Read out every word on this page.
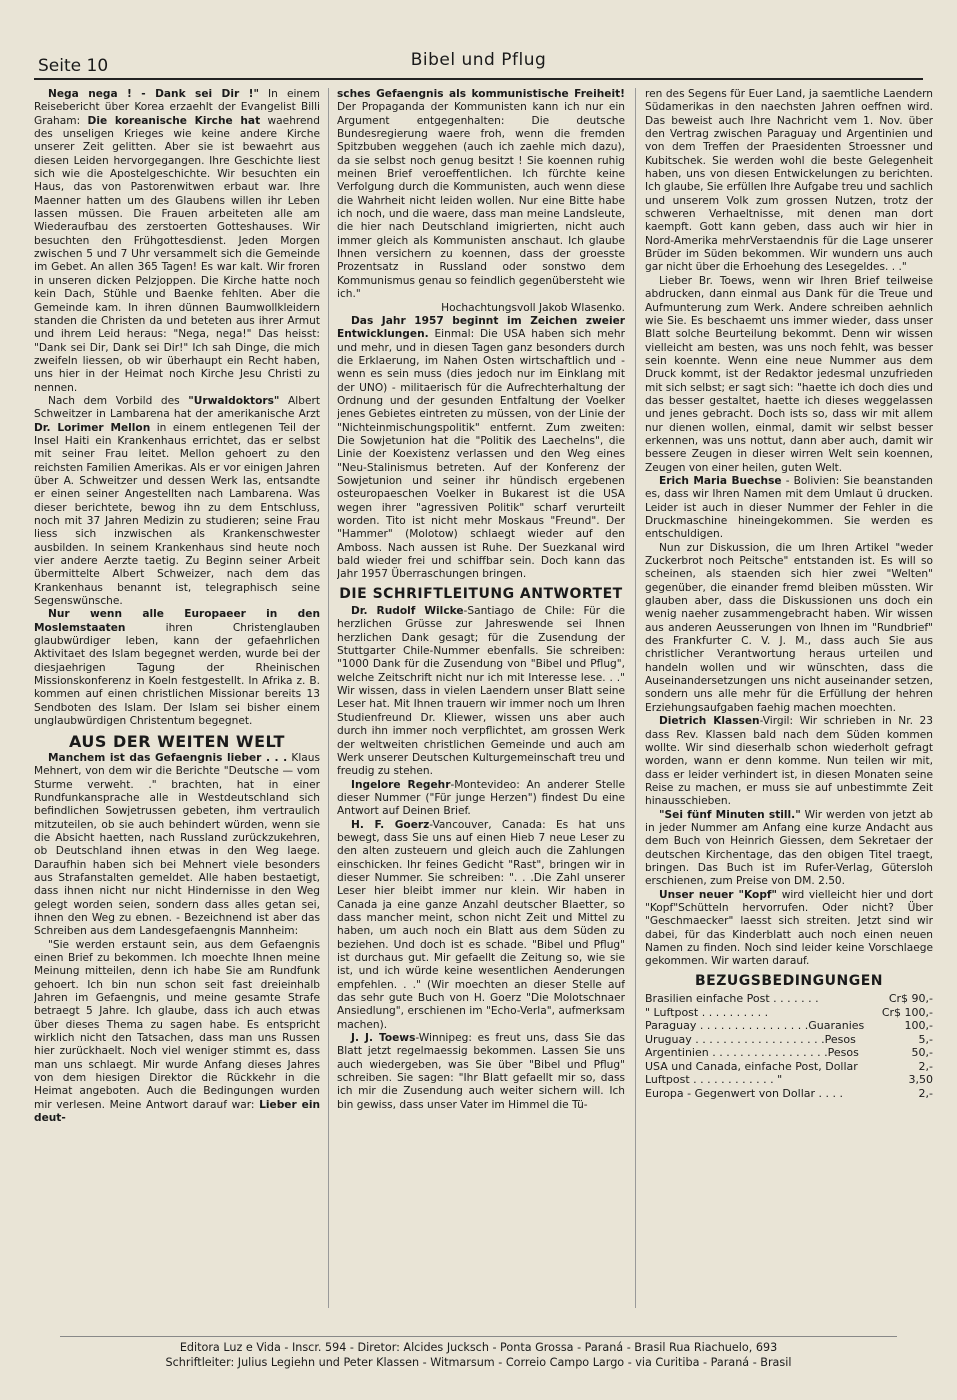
Seite 10	Bibel und Pflug

Nega nega ! - Dank sei Dir !" In einem Reisebericht über Korea erzaehlt der Evangelist Billi Graham: Die koreanische Kirche hat waehrend des unseligen Krieges wie keine andere Kirche unserer Zeit gelitten. Aber sie ist bewaehrt aus diesen Leiden hervorgegangen. Ihre Geschichte liest sich wie die Apostelgeschichte. Wir besuchten ein Haus, das von Pastorenwitwen erbaut war. Ihre Maenner hatten um des Glaubens willen ihr Leben lassen müssen. Die Frauen arbeiteten alle am Wiederaufbau des zerstoerten Gotteshauses. Wir besuchten den Frühgottesdienst. Jeden Morgen zwischen 5 und 7 Uhr versammelt sich die Gemeinde im Gebet. An allen 365 Tagen! Es war kalt. Wir froren in unseren dicken Pelzjoppen. Die Kirche hatte noch kein Dach, Stühle und Baenke fehlten. Aber die Gemeinde kam. In ihren dünnen Baumwollkleidern standen die Christen da und beteten aus ihrer Armut und ihrem Leid heraus: "Nega, nega!" Das heisst: "Dank sei Dir, Dank sei Dir!" Ich sah Dinge, die mich zweifeln liessen, ob wir überhaupt ein Recht haben, uns hier in der Heimat noch Kirche Jesu Christi zu nennen.

Nach dem Vorbild des "Urwaldoktors" Albert Schweitzer in Lambarena hat der amerikanische Arzt Dr. Lorimer Mellon in einem entlegenen Teil der Insel Haiti ein Krankenhaus errichtet, das er selbst mit seiner Frau leitet. Mellon gehoert zu den reichsten Familien Amerikas. Als er vor einigen Jahren über A. Schweitzer und dessen Werk las, entsandte er einen seiner Angestellten nach Lambarena. Was dieser berichtete, bewog ihn zu dem Entschluss, noch mit 37 Jahren Medizin zu studieren; seine Frau liess sich inzwischen als Krankenschwester ausbilden. In seinem Krankenhaus sind heute noch vier andere Aerzte taetig. Zu Beginn seiner Arbeit übermittelte Albert Schweizer, nach dem das Krankenhaus benannt ist, telegraphisch seine Segenswünsche.

Nur wenn alle Europaeer in den Moslemstaaten ihren Christenglauben glaubwürdiger leben, kann der gefaehrlichen Aktivitaet des Islam begegnet werden, wurde bei der diesjaehrigen Tagung der Rheinischen Missionskonferenz in Koeln festgestellt. In Afrika z. B. kommen auf einen christlichen Missionar bereits 13 Sendboten des Islam. Der Islam sei bisher einem unglaubwürdigen Christentum begegnet.

AUS DER WEITEN WELT

Manchem ist das Gefaengnis lieber . . . Klaus Mehnert, von dem wir die Berichte "Deutsche — vom Sturme verweht. ." brachten, hat in einer Rundfunkansprache alle in Westdeutschland sich befindlichen Sowjetrussen gebeten, ihm vertraulich mitzuteilen, ob sie auch behindert würden, wenn sie die Absicht haetten, nach Russland zurückzukehren, ob Deutschland ihnen etwas in den Weg laege. Daraufhin haben sich bei Mehnert viele besonders aus Strafanstalten gemeldet. Alle haben bestaetigt, dass ihnen nicht nur nicht Hindernisse in den Weg gelegt worden seien, sondern dass alles getan sei, ihnen den Weg zu ebnen. - Bezeichnend ist aber das Schreiben aus dem Landesgefaengnis Mannheim:

"Sie werden erstaunt sein, aus dem Gefaengnis einen Brief zu bekommen. Ich moechte Ihnen meine Meinung mitteilen, denn ich habe Sie am Rundfunk gehoert. Ich bin nun schon seit fast dreieinhalb Jahren im Gefaengnis, und meine gesamte Strafe betraegt 5 Jahre. Ich glaube, dass ich auch etwas über dieses Thema zu sagen habe. Es entspricht wirklich nicht den Tatsachen, dass man uns Russen hier zurückhaelt. Noch viel weniger stimmt es, dass man uns schlaegt. Mir wurde Anfang dieses Jahres von dem hiesigen Direktor die Rückkehr in die Heimat angeboten. Auch die Bedingungen wurden mir verlesen. Meine Antwort darauf war: Lieber ein deut-

sches Gefaengnis als kommunistische Freiheit! Der Propaganda der Kommunisten kann ich nur ein Argument entgegenhalten: Die deutsche Bundesregierung waere froh, wenn die fremden Spitzbuben weggehen (auch ich zaehle mich dazu), da sie selbst noch genug besitzt ! Sie koennen ruhig meinen Brief veroeffentlichen. Ich fürchte keine Verfolgung durch die Kommunisten, auch wenn diese die Wahrheit nicht leiden wollen. Nur eine Bitte habe ich noch, und die waere, dass man meine Landsleute, die hier nach Deutschland imigrierten, nicht auch immer gleich als Kommunisten anschaut. Ich glaube Ihnen versichern zu koennen, dass der groesste Prozentsatz in Russland oder sonstwo dem Kommunismus genau so feindlich gegenübersteht wie ich."

Hochachtungsvoll Jakob Wlasenko.

Das Jahr 1957 beginnt im Zeichen zweier Entwicklungen. Einmal: Die USA haben sich mehr und mehr, und in diesen Tagen ganz besonders durch die Erklaerung, im Nahen Osten wirtschaftlich und - wenn es sein muss (dies jedoch nur im Einklang mit der UNO) - militaerisch für die Aufrechterhaltung der Ordnung und der gesunden Entfaltung der Voelker jenes Gebietes eintreten zu müssen, von der Linie der "Nichteinmischungspolitik" entfernt. Zum zweiten: Die Sowjetunion hat die "Politik des Laechelns", die Linie der Koexistenz verlassen und den Weg eines "Neu-Stalinismus betreten. Auf der Konferenz der Sowjetunion und seiner ihr hündisch ergebenen osteuropaeschen Voelker in Bukarest ist die USA wegen ihrer "agressiven Politik" scharf verurteilt worden. Tito ist nicht mehr Moskaus "Freund". Der "Hammer" (Molotow) schlaegt wieder auf den Amboss. Nach aussen ist Ruhe. Der Suezkanal wird bald wieder frei und schiffbar sein. Doch kann das Jahr 1957 Überraschungen bringen.

DIE SCHRIFTLEITUNG ANTWORTET

Dr. Rudolf Wilcke-Santiago de Chile: Für die herzlichen Grüsse zur Jahreswende sei Ihnen herzlichen Dank gesagt; für die Zusendung der Stuttgarter Chile-Nummer ebenfalls. Sie schreiben: "1000 Dank für die Zusendung von "Bibel und Pflug", welche Zeitschrift nicht nur ich mit Interesse lese. . ." Wir wissen, dass in vielen Laendern unser Blatt seine Leser hat. Mit Ihnen trauern wir immer noch um Ihren Studienfreund Dr. Kliewer, wissen uns aber auch durch ihn immer noch verpflichtet, am grossen Werk der weltweiten christlichen Gemeinde und auch am Werk unserer Deutschen Kulturgemeinschaft treu und freudig zu stehen.

Ingelore Regehr-Montevideo: An anderer Stelle dieser Nummer ("Für junge Herzen") findest Du eine Antwort auf Deinen Brief.

H. F. Goerz-Vancouver, Canada: Es hat uns bewegt, dass Sie uns auf einen Hieb 7 neue Leser zu den alten zusteuern und gleich auch die Zahlungen einschicken. Ihr feines Gedicht "Rast", bringen wir in dieser Nummer. Sie schreiben: ". . .Die Zahl unserer Leser hier bleibt immer nur klein. Wir haben in Canada ja eine ganze Anzahl deutscher Blaetter, so dass mancher meint, schon nicht Zeit und Mittel zu haben, um auch noch ein Blatt aus dem Süden zu beziehen. Und doch ist es schade. "Bibel und Pflug" ist durchaus gut. Mir gefaellt die Zeitung so, wie sie ist, und ich würde keine wesentlichen Aenderungen empfehlen. . ." (Wir moechten an dieser Stelle auf das sehr gute Buch von H. Goerz "Die Molotschnaer Ansiedlung", erschienen im "Echo-Verla", aufmerksam machen).

J. J. Toews-Winnipeg: es freut uns, dass Sie das Blatt jetzt regelmaessig bekommen. Lassen Sie uns auch wiedergeben, was Sie über "Bibel und Pflug" schreiben. Sie sagen: "Ihr Blatt gefaellt mir so, dass ich mir die Zusendung auch weiter sichern will. Ich bin gewiss, dass unser Vater im Himmel die Tü-

ren des Segens für Euer Land, ja saemtliche Laendern Südamerikas in den naechsten Jahren oeffnen wird. Das beweist auch Ihre Nachricht vem 1. Nov. über den Vertrag zwischen Paraguay und Argentinien und von dem Treffen der Praesidenten Stroessner und Kubitschek. Sie werden wohl die beste Gelegenheit haben, uns von diesen Entwickelungen zu berichten. Ich glaube, Sie erfüllen Ihre Aufgabe treu und sachlich und unserem Volk zum grossen Nutzen, trotz der schweren Verhaeltnisse, mit denen man dort kaempft. Gott kann geben, dass auch wir hier in Nord-Amerika mehrVerstaendnis für die Lage unserer Brüder im Süden bekommen. Wir wundern uns auch gar nicht über die Erhoehung des Lesegeldes. . ."

Lieber Br. Toews, wenn wir Ihren Brief teilweise abdrucken, dann einmal aus Dank für die Treue und Aufmunterung zum Werk. Andere schreiben aehnlich wie Sie. Es beschaemt uns immer wieder, dass unser Blatt solche Beurteilung bekommt. Denn wir wissen vielleicht am besten, was uns noch fehlt, was besser sein koennte. Wenn eine neue Nummer aus dem Druck kommt, ist der Redaktor jedesmal unzufrieden mit sich selbst; er sagt sich: "haette ich doch dies und das besser gestaltet, haette ich dieses weggelassen und jenes gebracht. Doch ists so, dass wir mit allem nur dienen wollen, einmal, damit wir selbst besser erkennen, was uns nottut, dann aber auch, damit wir bessere Zeugen in dieser wirren Welt sein koennen, Zeugen von einer heilen, guten Welt.

Erich Maria Buechse - Bolivien: Sie beanstanden es, dass wir Ihren Namen mit dem Umlaut ü drucken. Leider ist auch in dieser Nummer der Fehler in die Druckmaschine hineingekommen. Sie werden es entschuldigen.

Nun zur Diskussion, die um Ihren Artikel "weder Zuckerbrot noch Peitsche" entstanden ist. Es will so scheinen, als staenden sich hier zwei "Welten" gegenüber, die einander fremd bleiben müssten. Wir glauben aber, dass die Diskussionen uns doch ein wenig naeher zusammengebracht haben. Wir wissen aus anderen Aeusserungen von Ihnen im "Rundbrief" des Frankfurter C. V. J. M., dass auch Sie aus christlicher Verantwortung heraus urteilen und handeln wollen und wir wünschten, dass die Auseinandersetzungen uns nicht auseinander setzen, sondern uns alle mehr für die Erfüllung der hehren Erziehungsaufgaben faehig machen moechten.

Dietrich Klassen-Virgil: Wir schrieben in Nr. 23 dass Rev. Klassen bald nach dem Süden kommen wollte. Wir sind dieserhalb schon wiederholt gefragt worden, wann er denn komme. Nun teilen wir mit, dass er leider verhindert ist, in diesen Monaten seine Reise zu machen, er muss sie auf unbestimmte Zeit hinausschieben.

"Sei fünf Minuten still." Wir werden von jetzt ab in jeder Nummer am Anfang eine kurze Andacht aus dem Buch von Heinrich Giessen, dem Sekretaer der deutschen Kirchentage, das den obigen Titel traegt, bringen. Das Buch ist im Rufer-Verlag, Gütersloh erschienen, zum Preise von DM. 2.50.

Unser neuer "Kopf" wird vielleicht hier und dort "Kopf"Schütteln hervorrufen. Oder nicht? Über "Geschmaecker" laesst sich streiten. Jetzt sind wir dabei, für das Kinderblatt auch noch einen neuen Namen zu finden. Noch sind leider keine Vorschlaege gekommen. Wir warten darauf.

BEZUGSBEDINGUNGEN
Brasilien einfache Post . . . . . . .	Cr$ 90,-
" Luftpost . . . . . . . . . .	Cr$ 100,-
Paraguay . . . . . . . . . . . . . . . .Guaranies	100,-
Uruguay . . . . . . . . . . . . . . . . . . .Pesos	5,-
Argentinien . . . . . . . . . . . . . . . . .Pesos	50,-
USA und Canada, einfache Post, Dollar	2,-
Luftpost . . . . . . . . . . . . "	3,50
Europa - Gegenwert von Dollar . . . .	2,-
Editora Luz e Vida - Inscr. 594 - Diretor: Alcides Jucksch - Ponta Grossa - Paraná - Brasil Rua Riachuelo, 693
Schriftleiter: Julius Legiehn und Peter Klassen - Witmarsum - Correio Campo Largo - via Curitiba - Paraná - Brasil
